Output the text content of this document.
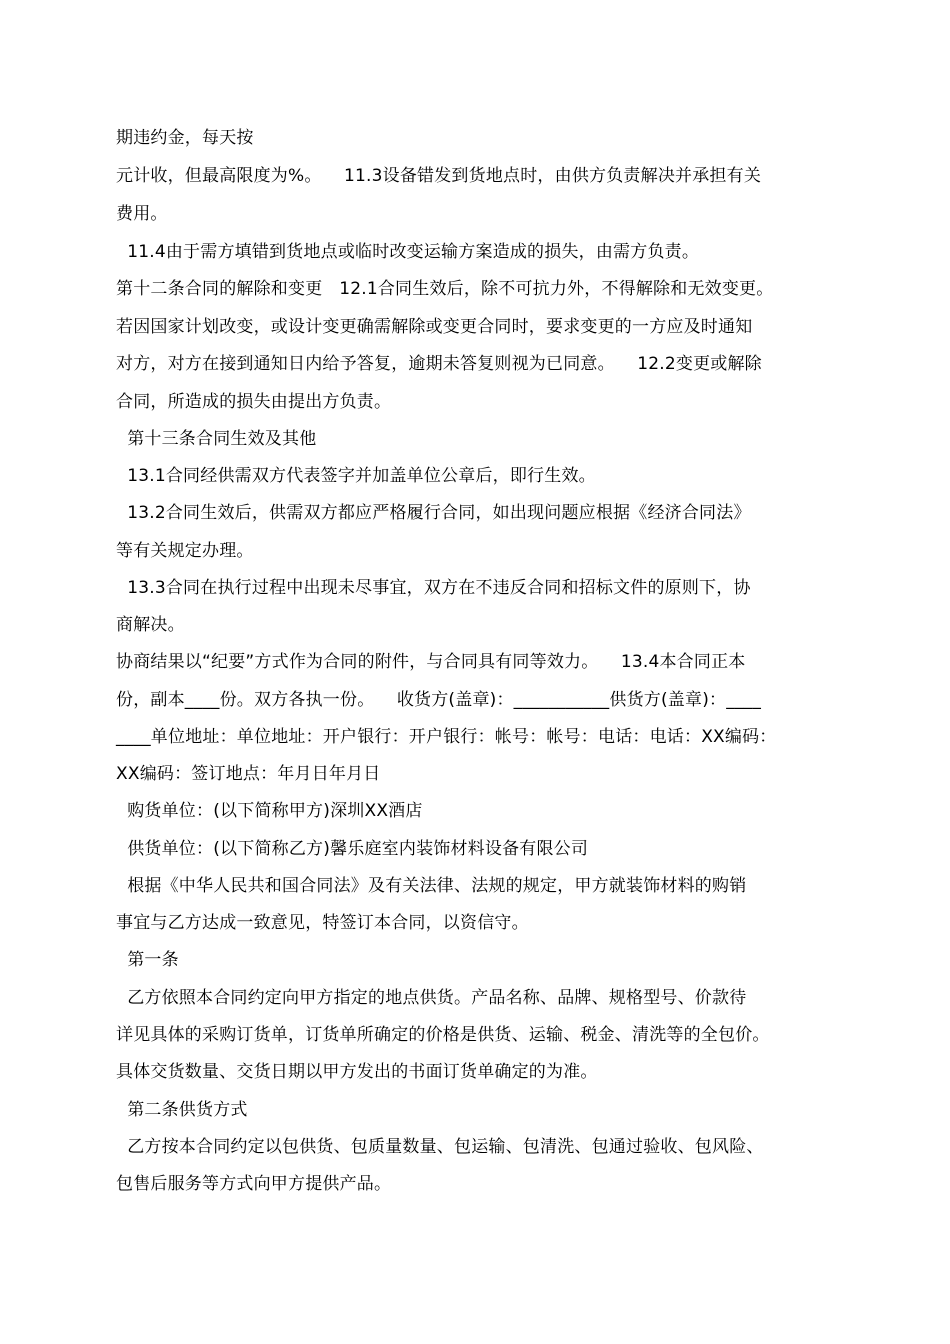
期违约金，每天按
元计收，但最高限度为%。    11.3设备错发到货地点时，由供方负责解决并承担有关
费用。
11.4由于需方填错到货地点或临时改变运输方案造成的损失，由需方负责。
第十二条合同的解除和变更   12.1合同生效后，除不可抗力外，不得解除和无效变更。
若因国家计划改变，或设计变更确需解除或变更合同时，要求变更的一方应及时通知
对方，对方在接到通知日内给予答复，逾期未答复则视为已同意。    12.2变更或解除
合同，所造成的损失由提出方负责。
第十三条合同生效及其他
13.1合同经供需双方代表签字并加盖单位公章后，即行生效。
13.2合同生效后，供需双方都应严格履行合同，如出现问题应根据《经济合同法》
等有关规定办理。
13.3合同在执行过程中出现未尽事宜，双方在不违反合同和招标文件的原则下，协
商解决。
协商结果以“纪要”方式作为合同的附件，与合同具有同等效力。    13.4本合同正本
份，副本____份。双方各执一份。    收货方(盖章)：___________供货方(盖章)：____
____单位地址：单位地址：开户银行：开户银行：帐号：帐号：电话：电话：XX编码：
XX编码：签订地点：年月日年月日
购货单位：(以下简称甲方)深圳XX酒店
供货单位：(以下简称乙方)馨乐庭室内装饰材料设备有限公司
根据《中华人民共和国合同法》及有关法律、法规的规定，甲方就装饰材料的购销
事宜与乙方达成一致意见，特签订本合同，以资信守。
第一条
乙方依照本合同约定向甲方指定的地点供货。产品名称、品牌、规格型号、价款待
详见具体的采购订货单，订货单所确定的价格是供货、运输、税金、清洗等的全包价。
具体交货数量、交货日期以甲方发出的书面订货单确定的为准。
第二条供货方式
乙方按本合同约定以包供货、包质量数量、包运输、包清洗、包通过验收、包风险、
包售后服务等方式向甲方提供产品。
